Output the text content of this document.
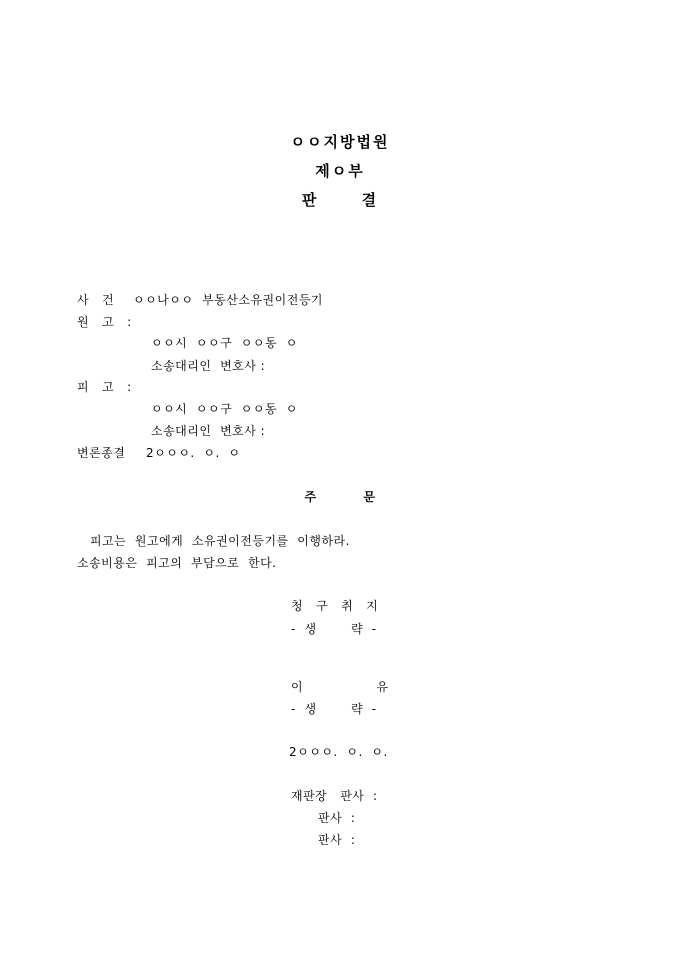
ㅇㅇ지방법원
제ㅇ부
판      결
사   건 ㅇㅇ나ㅇㅇ  부동산소유권이전등기
원   고   :
ㅇㅇ시  ㅇㅇ구  ㅇㅇ동  ㅇ
소송대리인  변호사 :
피   고   :
ㅇㅇ시  ㅇㅇ구  ㅇㅇ동  ㅇ
소송대리인  변호사 :
변론종결 2ㅇㅇㅇ.  ㅇ.  ㅇ
주          문
피고는  원고에게  소유권이전등기를  이행하라.
소송비용은  피고의  부담으로  한다.
청   구   취   지
-  생        략  -
이                 유
-  생        략  -
2ㅇㅇㅇ.  ㅇ.  ㅇ.
재판장   판사  :
판사  :
판사  :
